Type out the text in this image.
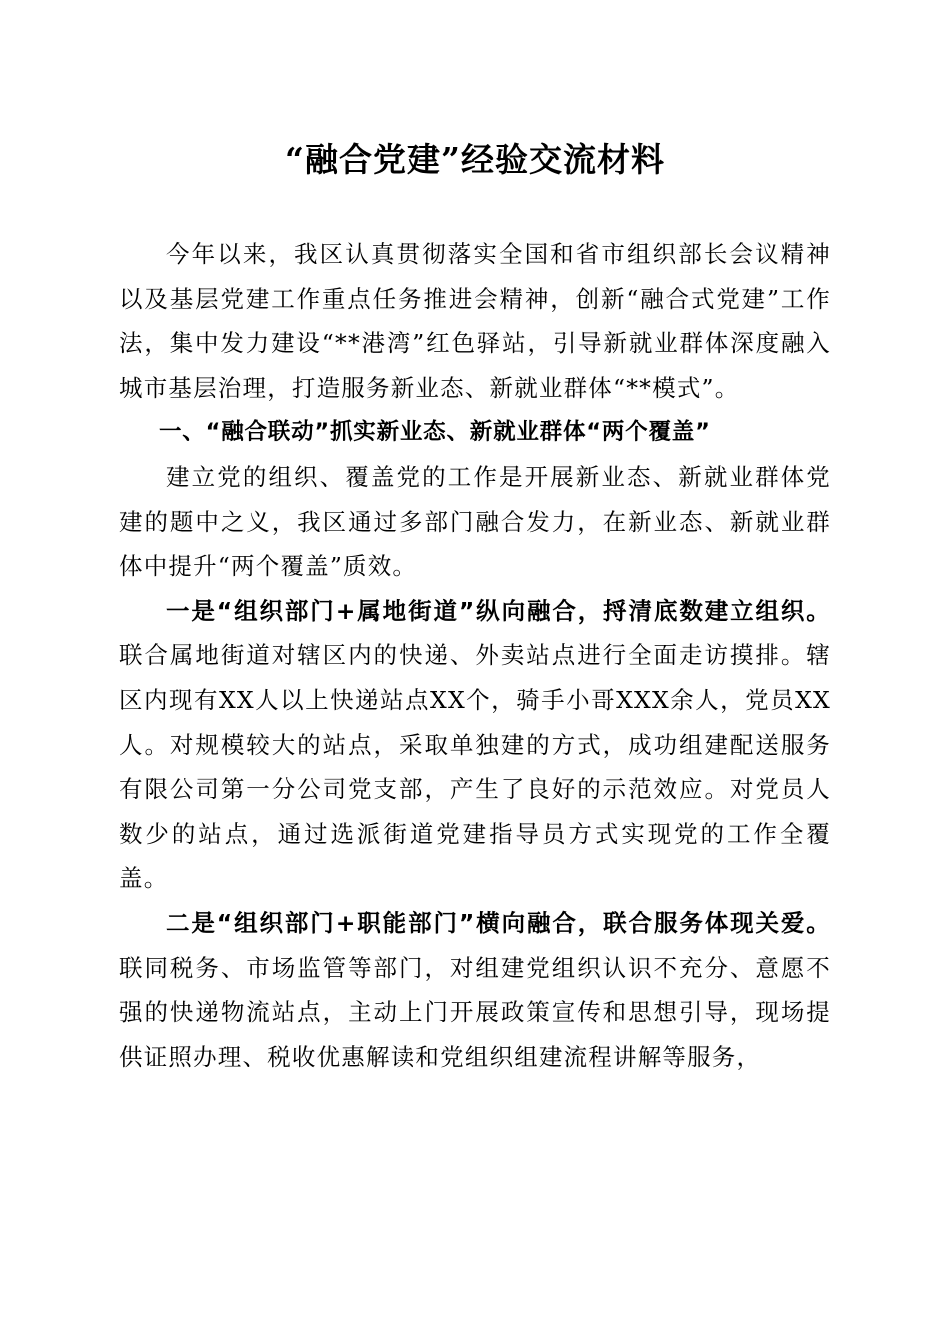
“融合党建”经验交流材料

今年以来，我区认真贯彻落实全国和省市组织部长会议精神以及基层党建工作重点任务推进会精神，创新“融合式党建”工作法，集中发力建设“**港湾”红色驿站，引导新就业群体深度融入城市基层治理，打造服务新业态、新就业群体“**模式”。

一、“融合联动”抓实新业态、新就业群体“两个覆盖”

建立党的组织、覆盖党的工作是开展新业态、新就业群体党建的题中之义，我区通过多部门融合发力，在新业态、新就业群体中提升“两个覆盖”质效。

一是“组织部门+属地街道”纵向融合，捋清底数建立组织。联合属地街道对辖区内的快递、外卖站点进行全面走访摸排。辖区内现有XX人以上快递站点XX个，骑手小哥XXX余人，党员XX人。对规模较大的站点，采取单独建的方式，成功组建配送服务有限公司第一分公司党支部，产生了良好的示范效应。对党员人数少的站点，通过选派街道党建指导员方式实现党的工作全覆盖。

二是“组织部门+职能部门”横向融合，联合服务体现关爱。联同税务、市场监管等部门，对组建党组织认识不充分、意愿不强的快递物流站点，主动上门开展政策宣传和思想引导，现场提供证照办理、税收优惠解读和党组织组建流程讲解等服务，
